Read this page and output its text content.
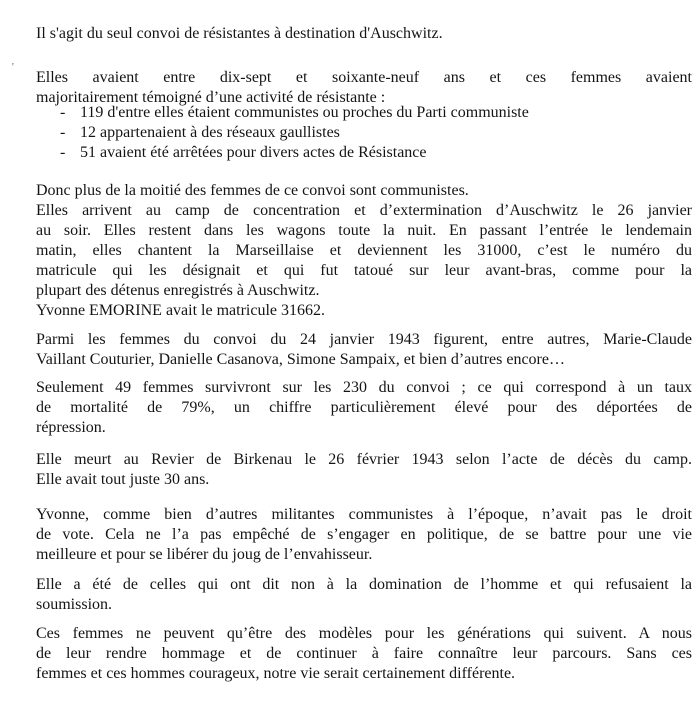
'

Il s'agit du seul convoi de résistantes à destination d'Auschwitz.

Elles avaient entre dix-sept et soixante-neuf ans et ces femmes avaient
majoritairement témoigné d’une activité de résistante :

- 119 d'entre elles étaient communistes ou proches du Parti communiste
- 12 appartenaient à des réseaux gaullistes
- 51 avaient été arrêtées pour divers actes de Résistance

Donc plus de la moitié des femmes de ce convoi sont communistes.
Elles arrivent au camp de concentration et d’extermination d’Auschwitz le 26 janvier
au soir. Elles restent dans les wagons toute la nuit. En passant l’entrée le lendemain
matin, elles chantent la Marseillaise et deviennent les 31000, c’est le numéro du
matricule qui les désignait et qui fut tatoué sur leur avant-bras, comme pour la
plupart des détenus enregistrés à Auschwitz.
Yvonne EMORINE avait le matricule 31662.

Parmi les femmes du convoi du 24 janvier 1943 figurent, entre autres, Marie-Claude
Vaillant Couturier, Danielle Casanova, Simone Sampaix, et bien d’autres encore…

Seulement 49 femmes survivront sur les 230 du convoi ; ce qui correspond à un taux
de mortalité de 79%, un chiffre particulièrement élevé pour des déportées de
répression.

Elle meurt au Revier de Birkenau le 26 février 1943 selon l’acte de décès du camp.
Elle avait tout juste 30 ans.

Yvonne, comme bien d’autres militantes communistes à l’époque, n’avait pas le droit
de vote. Cela ne l’a pas empêché de s’engager en politique, de se battre pour une vie
meilleure et pour se libérer du joug de l’envahisseur.

Elle a été de celles qui ont dit non à la domination de l’homme et qui refusaient la
soumission.

Ces femmes ne peuvent qu’être des modèles pour les générations qui suivent. A nous
de leur rendre hommage et de continuer à faire connaître leur parcours. Sans ces
femmes et ces hommes courageux, notre vie serait certainement différente.
